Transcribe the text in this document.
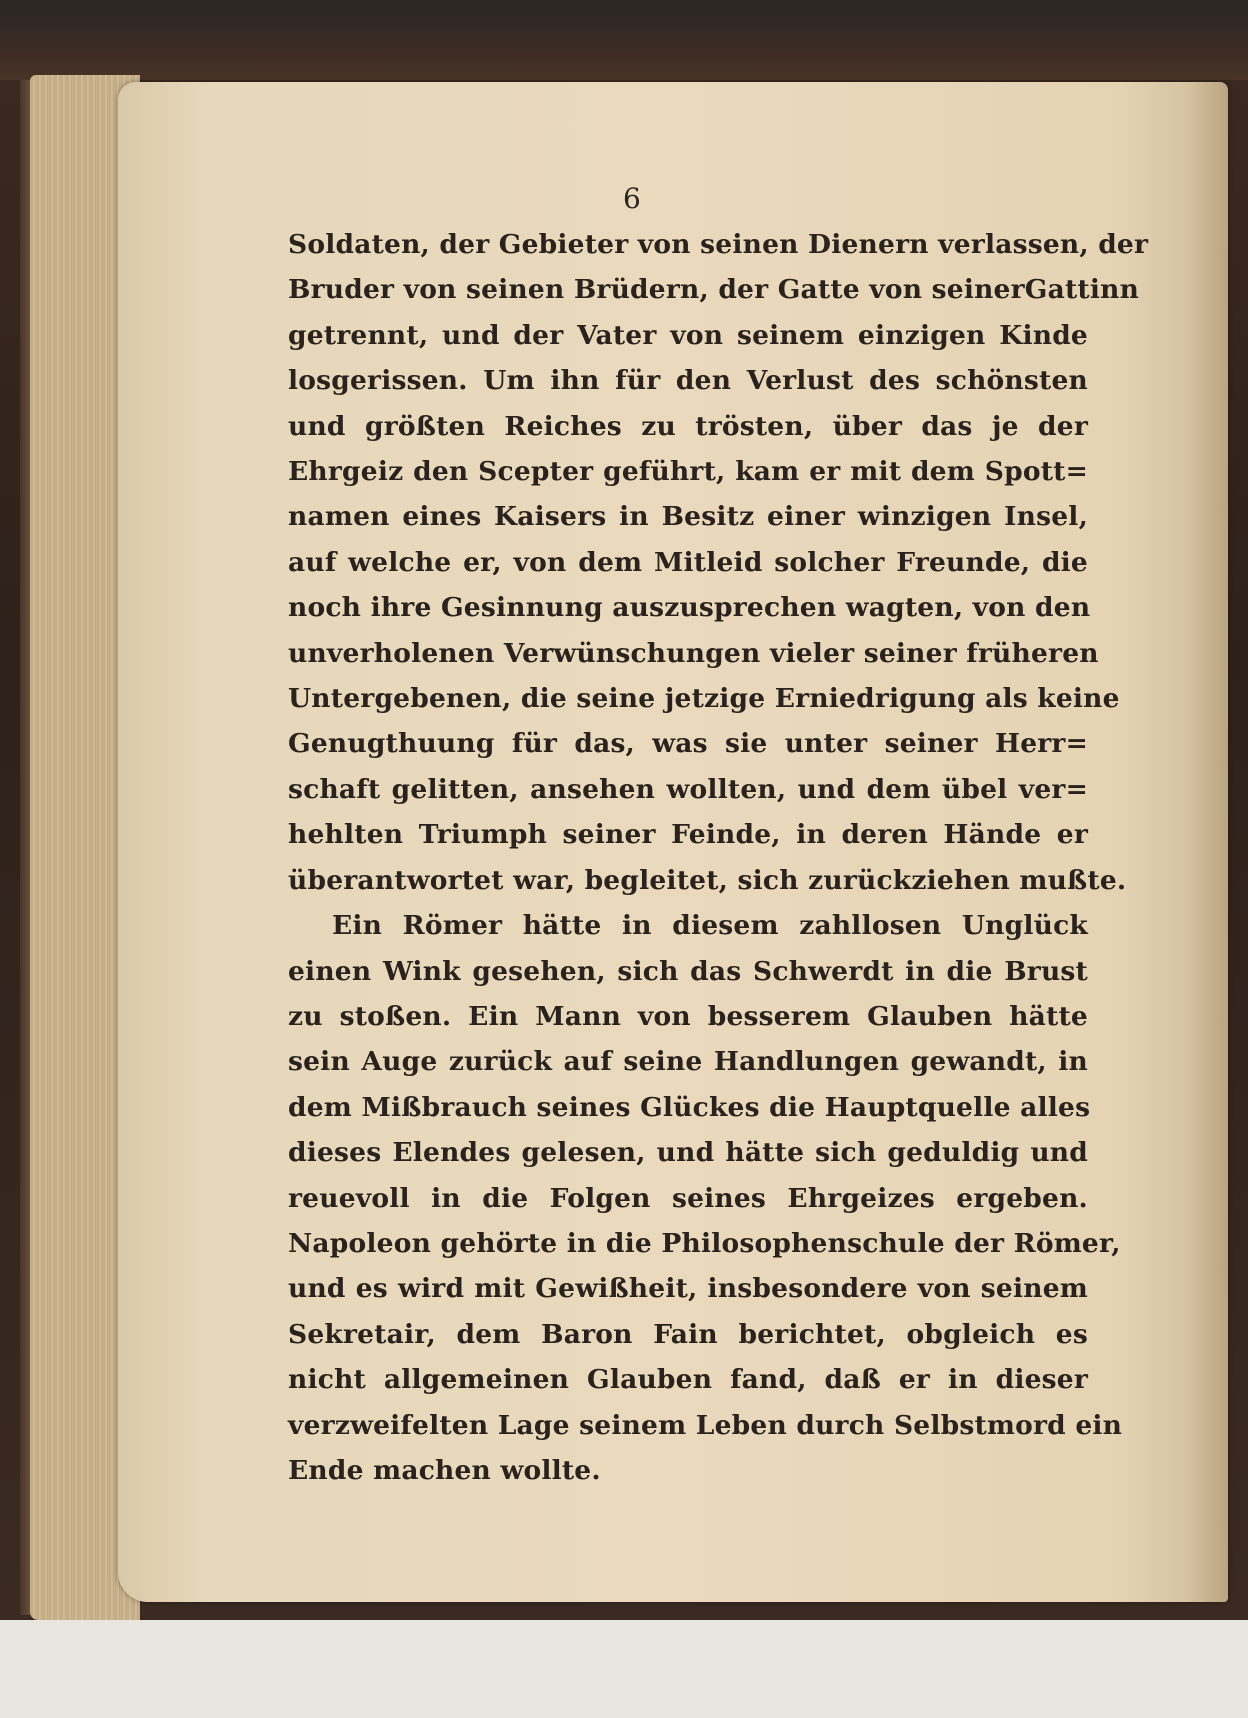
6
Soldaten, der Gebieter von seinen Dienern verlassen, der
Bruder von seinen Brüdern, der Gatte von seinerGattinn
getrennt, und der Vater von seinem einzigen Kinde
losgerissen. Um ihn für den Verlust des schönsten
und größten Reiches zu trösten, über das je der
Ehrgeiz den Scepter geführt, kam er mit dem Spott=
namen eines Kaisers in Besitz einer winzigen Insel,
auf welche er, von dem Mitleid solcher Freunde, die
noch ihre Gesinnung auszusprechen wagten, von den
unverholenen Verwünschungen vieler seiner früheren
Untergebenen, die seine jetzige Erniedrigung als keine
Genugthuung für das, was sie unter seiner Herr=
schaft gelitten, ansehen wollten, und dem übel ver=
hehlten Triumph seiner Feinde, in deren Hände er
überantwortet war, begleitet, sich zurückziehen mußte.
Ein Römer hätte in diesem zahllosen Unglück
einen Wink gesehen, sich das Schwerdt in die Brust
zu stoßen. Ein Mann von besserem Glauben hätte
sein Auge zurück auf seine Handlungen gewandt, in
dem Mißbrauch seines Glückes die Hauptquelle alles
dieses Elendes gelesen, und hätte sich geduldig und
reuevoll in die Folgen seines Ehrgeizes ergeben.
Napoleon gehörte in die Philosophenschule der Römer,
und es wird mit Gewißheit, insbesondere von seinem
Sekretair, dem Baron Fain berichtet, obgleich es
nicht allgemeinen Glauben fand, daß er in dieser
verzweifelten Lage seinem Leben durch Selbstmord ein
Ende machen wollte.
